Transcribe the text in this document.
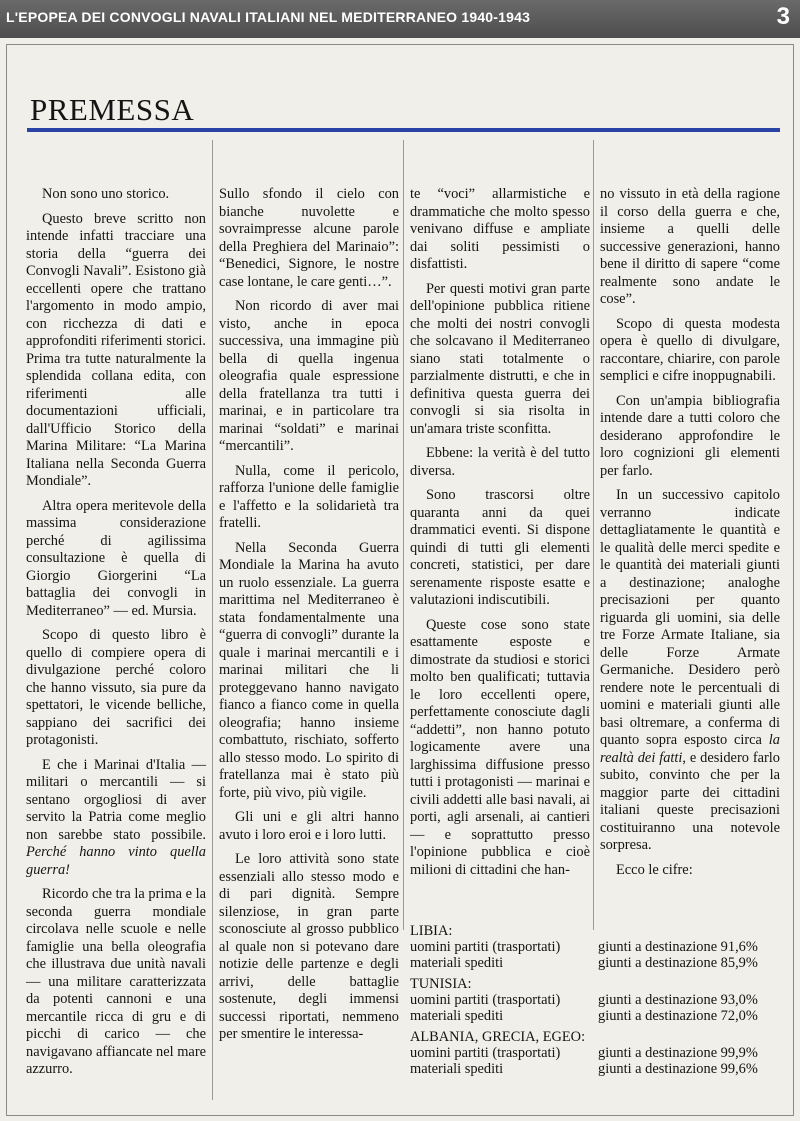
L'EPOPEA DEI CONVOGLI NAVALI ITALIANI NEL MEDITERRANEO 1940-1943	3
PREMESSA

Non sono uno storico.

Questo breve scritto non intende infatti tracciare una storia della “guerra dei Convogli Navali”. Esistono già eccellenti opere che trattano l'argomento in modo ampio, con ricchezza di dati e approfonditi riferimenti storici. Prima tra tutte naturalmente la splendida collana edita, con riferimenti alle documentazioni ufficiali, dall'Ufficio Storico della Marina Militare: “La Marina Italiana nella Seconda Guerra Mondiale”.

Altra opera meritevole della massima considerazione perché di agilissima consultazione è quella di Giorgio Giorgerini “La battaglia dei convogli in Mediterraneo” — ed. Mursia.

Scopo di questo libro è quello di compiere opera di divulgazione perché coloro che hanno vissuto, sia pure da spettatori, le vicende belliche, sappiano dei sacrifici dei protagonisti.

E che i Marinai d'Italia — militari o mercantili — si sentano orgogliosi di aver servito la Patria come meglio non sarebbe stato possibile. Perché hanno vinto quella guerra!

Ricordo che tra la prima e la seconda guerra mondiale circolava nelle scuole e nelle famiglie una bella oleografia che illustrava due unità navali — una militare caratterizzata da potenti cannoni e una mercantile ricca di gru e di picchi di carico — che navigavano affiancate nel mare azzurro.

Sullo sfondo il cielo con bianche nuvolette e sovraimpresse alcune parole della Preghiera del Marinaio”: “Benedici, Signore, le nostre case lontane, le care genti…”.

Non ricordo di aver mai visto, anche in epoca successiva, una immagine più bella di quella ingenua oleografia quale espressione della fratellanza tra tutti i marinai, e in particolare tra marinai “soldati” e marinai “mercantili”.

Nulla, come il pericolo, rafforza l'unione delle famiglie e l'affetto e la solidarietà tra fratelli.

Nella Seconda Guerra Mondiale la Marina ha avuto un ruolo essenziale. La guerra marittima nel Mediterraneo è stata fondamentalmente una “guerra di convogli” durante la quale i marinai mercantili e i marinai militari che li proteggevano hanno navigato fianco a fianco come in quella oleografia; hanno insieme combattuto, rischiato, sofferto allo stesso modo. Lo spirito di fratellanza mai è stato più forte, più vivo, più vigile.

Gli uni e gli altri hanno avuto i loro eroi e i loro lutti.

Le loro attività sono state essenziali allo stesso modo e di pari dignità. Sempre silenziose, in gran parte sconosciute al grosso pubblico al quale non si potevano dare notizie delle partenze e degli arrivi, delle battaglie sostenute, degli immensi successi riportati, nemmeno per smentire le interessa-

te “voci” allarmistiche e drammatiche che molto spesso venivano diffuse e ampliate dai soliti pessimisti o disfattisti.

Per questi motivi gran parte dell'opinione pubblica ritiene che molti dei nostri convogli che solcavano il Mediterraneo siano stati totalmente o parzialmente distrutti, e che in definitiva questa guerra dei convogli si sia risolta in un'amara triste sconfitta.

Ebbene: la verità è del tutto diversa.

Sono trascorsi oltre quaranta anni da quei drammatici eventi. Si dispone quindi di tutti gli elementi concreti, statistici, per dare serenamente risposte esatte e valutazioni indiscutibili.

Queste cose sono state esattamente esposte e dimostrate da studiosi e storici molto ben qualificati; tuttavia le loro eccellenti opere, perfettamente conosciute dagli “addetti”, non hanno potuto logicamente avere una larghissima diffusione presso tutti i protagonisti — marinai e civili addetti alle basi navali, ai porti, agli arsenali, ai cantieri — e soprattutto presso l'opinione pubblica e cioè milioni di cittadini che han-

no vissuto in età della ragione il corso della guerra e che, insieme a quelli delle successive generazioni, hanno bene il diritto di sapere “come realmente sono andate le cose”.

Scopo di questa modesta opera è quello di divulgare, raccontare, chiarire, con parole semplici e cifre inoppugnabili.

Con un'ampia bibliografia intende dare a tutti coloro che desiderano approfondire le loro cognizioni gli elementi per farlo.

In un successivo capitolo verranno indicate dettagliatamente le quantità e le qualità delle merci spedite e le quantità dei materiali giunti a destinazione; analoghe precisazioni per quanto riguarda gli uomini, sia delle tre Forze Armate Italiane, sia delle Forze Armate Germaniche. Desidero però rendere note le percentuali di uomini e materiali giunti alle basi oltremare, a conferma di quanto sopra esposto circa la realtà dei fatti, e desidero farlo subito, convinto che per la maggior parte dei cittadini italiani queste precisazioni costituiranno una notevole sorpresa.

Ecco le cifre:

LIBIA:
uomini partiti (trasportati)	giunti a destinazione 91,6%
materiali spediti	giunti a destinazione 85,9%
TUNISIA:
uomini partiti (trasportati)	giunti a destinazione 93,0%
materiali spediti	giunti a destinazione 72,0%
ALBANIA, GRECIA, EGEO:
uomini partiti (trasportati)	giunti a destinazione 99,9%
materiali spediti	giunti a destinazione 99,6%
